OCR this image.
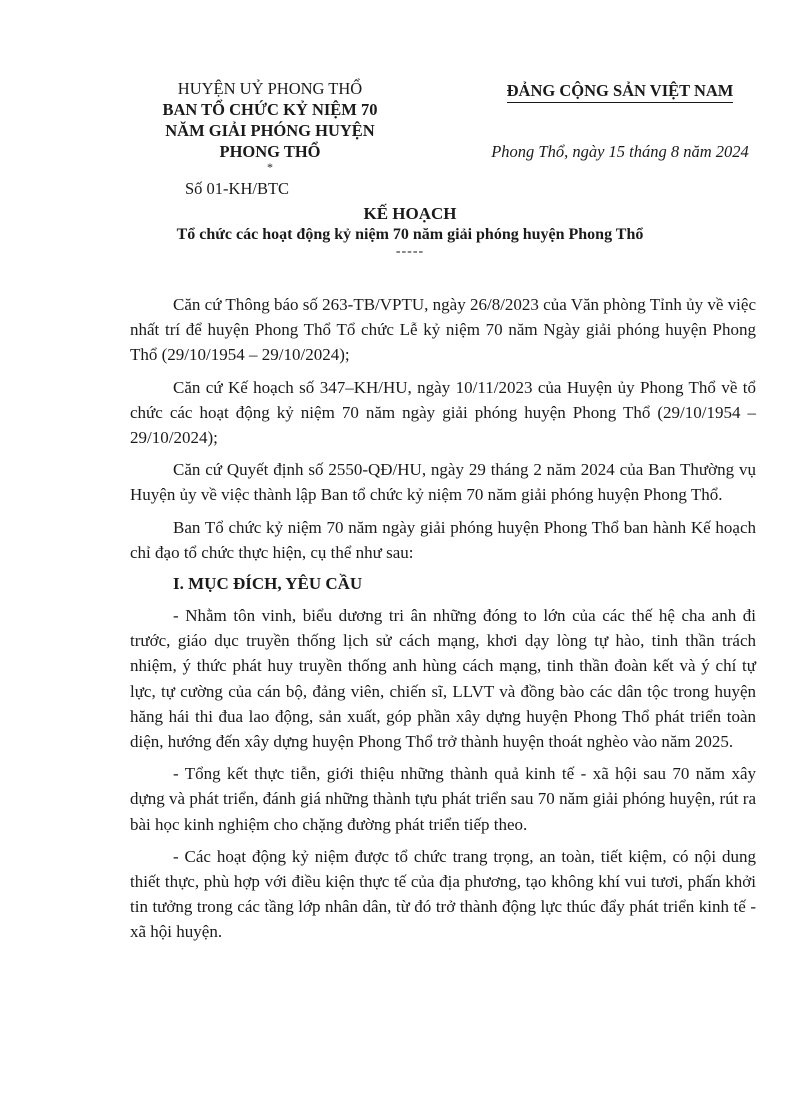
HUYỆN UỶ PHONG THỔ
BAN TỔ CHỨC KỶ NIỆM 70
NĂM GIẢI PHÓNG HUYỆN
PHONG THỔ
*
Số 01-KH/BTC
ĐẢNG CỘNG SẢN VIỆT NAM
Phong Thổ, ngày 15 tháng 8 năm 2024
KẾ HOẠCH
Tổ chức các hoạt động kỷ niệm 70 năm giải phóng huyện Phong Thổ
-----

Căn cứ Thông báo số 263-TB/VPTU, ngày 26/8/2023 của Văn phòng Tỉnh ủy về việc nhất trí để huyện Phong Thổ Tổ chức Lễ kỷ niệm 70 năm Ngày giải phóng huyện Phong Thổ (29/10/1954 – 29/10/2024);

Căn cứ Kế hoạch số 347–KH/HU, ngày 10/11/2023 của Huyện ủy Phong Thổ về tổ chức các hoạt động kỷ niệm 70 năm ngày giải phóng huyện Phong Thổ (29/10/1954 – 29/10/2024);

Căn cứ Quyết định số 2550-QĐ/HU, ngày 29 tháng 2 năm 2024 của Ban Thường vụ Huyện ủy về việc thành lập Ban tổ chức kỷ niệm 70 năm giải phóng huyện Phong Thổ.

Ban Tổ chức kỷ niệm 70 năm ngày giải phóng huyện Phong Thổ ban hành Kế hoạch chỉ đạo tổ chức thực hiện, cụ thể như sau:

I. MỤC ĐÍCH, YÊU CẦU

- Nhằm tôn vinh, biểu dương tri ân những đóng to lớn của các thế hệ cha anh đi trước, giáo dục truyền thống lịch sử cách mạng, khơi dạy lòng tự hào, tinh thần trách nhiệm, ý thức phát huy truyền thống anh hùng cách mạng, tinh thần đoàn kết và ý chí tự lực, tự cường của cán bộ, đảng viên, chiến sĩ, LLVT và đồng bào các dân tộc trong huyện hăng hái thi đua lao động, sản xuất, góp phần xây dựng huyện Phong Thổ phát triển toàn diện, hướng đến xây dựng huyện Phong Thổ trở thành huyện thoát nghèo vào năm 2025.

- Tổng kết thực tiễn, giới thiệu những thành quả kinh tế - xã hội sau 70 năm xây dựng và phát triển, đánh giá những thành tựu phát triển sau 70 năm giải phóng huyện, rút ra bài học kinh nghiệm cho chặng đường phát triển tiếp theo.

- Các hoạt động kỷ niệm được tổ chức trang trọng, an toàn, tiết kiệm, có nội dung thiết thực, phù hợp với điều kiện thực tế của địa phương, tạo không khí vui tươi, phấn khởi tin tưởng trong các tầng lớp nhân dân, từ đó trở thành động lực thúc đẩy phát triển kinh tế - xã hội huyện.
